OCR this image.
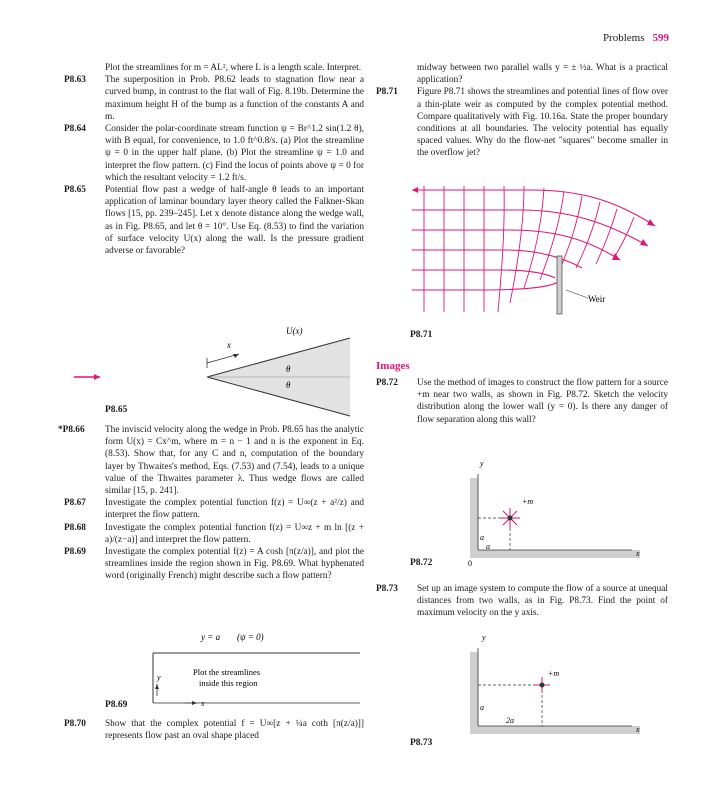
Problems 599

Plot the streamlines for m = AL², where L is a length scale. Interpret.

P8.63 The superposition in Prob. P8.62 leads to stagnation flow near a curved bump, in contrast to the flat wall of Fig. 8.19b. Determine the maximum height H of the bump as a function of the constants A and m.

P8.64 Consider the polar-coordinate stream function ψ = Br^1.2 sin(1.2 θ), with B equal, for convenience, to 1.0 ft^0.8/s. (a) Plot the streamline ψ = 0 in the upper half plane. (b) Plot the streamline ψ = 1.0 and interpret the flow pattern. (c) Find the locus of points above ψ = 0 for which the resultant velocity = 1.2 ft/s.

P8.65 Potential flow past a wedge of half-angle θ leads to an important application of laminar boundary layer theory called the Falkner-Skan flows [15, pp. 239–245]. Let x denote distance along the wedge wall, as in Fig. P8.65, and let θ = 10°. Use Eq. (8.53) to find the variation of surface velocity U(x) along the wall. Is the pressure gradient adverse or favorable?

x
U(x)
θ
θ
P8.65

*P8.66 The inviscid velocity along the wedge in Prob. P8.65 has the analytic form U(x) = Cx^m, where m = n − 1 and n is the exponent in Eq. (8.53). Show that, for any C and n, computation of the boundary layer by Thwaites's method, Eqs. (7.53) and (7.54), leads to a unique value of the Thwaites parameter λ. Thus wedge flows are called similar [15, p. 241].

P8.67 Investigate the complex potential function f(z) = U∞(z + a²/z) and interpret the flow pattern.

P8.68 Investigate the complex potential function f(z) = U∞z + m ln [(z + a)/(z−a)] and interpret the flow pattern.

P8.69 Investigate the complex potential f(z) = A cosh [π(z/a)], and plot the streamlines inside the region shown in Fig. P8.69. What hyphenated word (originally French) might describe such a flow pattern?

y = a (ψ = 0)
Plot the streamlines
inside this region
y
x
P8.69

P8.70 Show that the complex potential f = U∞[z + ¼a coth [π(z/a)]] represents flow past an oval shape placed

midway between two parallel walls y = ± ½a. What is a practical application?

P8.71 Figure P8.71 shows the streamlines and potential lines of flow over a thin-plate weir as computed by the complex potential method. Compare qualitatively with Fig. 10.16a. State the proper boundary conditions at all boundaries. The velocity potential has equally spaced values. Why do the flow-net "squares" become smaller in the overflow jet?

Weir
P8.71
Images

P8.72 Use the method of images to construct the flow pattern for a source +m near two walls, as shown in Fig. P8.72. Sketch the velocity distribution along the lower wall (y = 0). Is there any danger of flow separation along this wall?

+m
y
x
a
a
0
P8.72

P8.73 Set up an image system to compute the flow of a source at unequal distances from two walls, as in Fig. P8.73. Find the point of maximum velocity on the y axis.

+m
y
x
a
2a
P8.73
